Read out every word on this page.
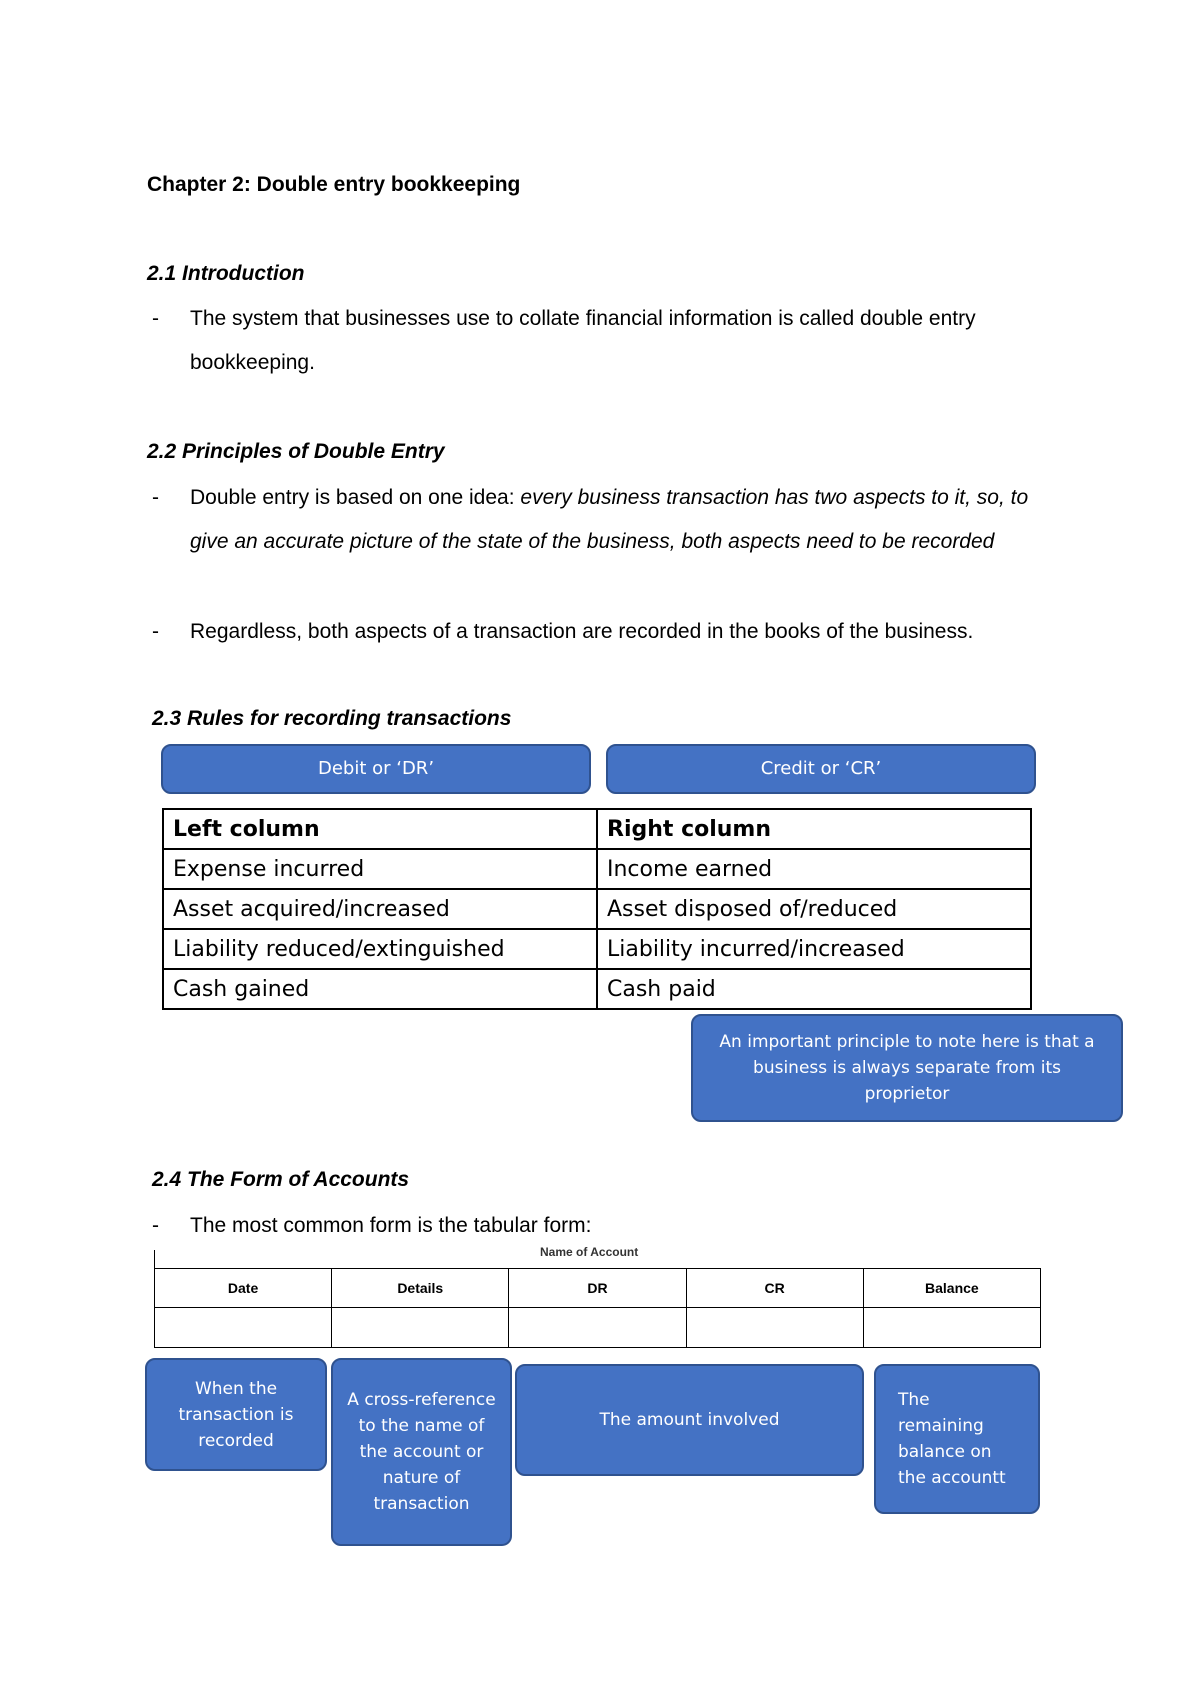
Chapter 2: Double entry bookkeeping
2.1 Introduction
- The system that businesses use to collate financial information is called double entry bookkeeping.
2.2 Principles of Double Entry
- Double entry is based on one idea: every business transaction has two aspects to it, so, to give an accurate picture of the state of the business, both aspects need to be recorded
- Regardless, both aspects of a transaction are recorded in the books of the business.
2.3 Rules for recording transactions
Debit or ‘DR’	Credit or ‘CR’
Left column	Right column
Expense incurred	Income earned
Asset acquired/increased	Asset disposed of/reduced
Liability reduced/extinguished	Liability incurred/increased
Cash gained	Cash paid
An important principle to note here is that a business is always separate from its proprietor
2.4 The Form of Accounts
- The most common form is the tabular form:
Name of Account
Date	Details	DR	CR	Balance

When the transaction is recorded
A cross-reference to the name of the account or nature of transaction
The amount involved
The remaining balance on the accountt
